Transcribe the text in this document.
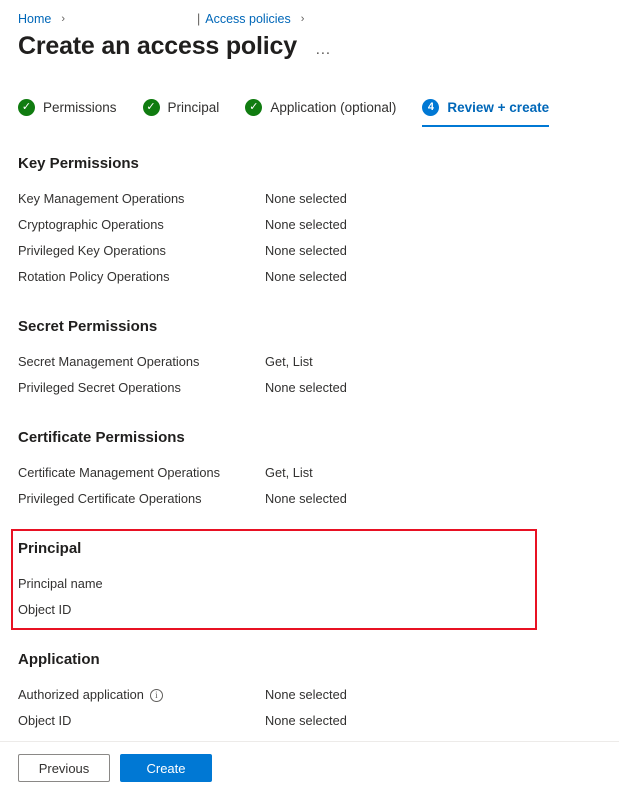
Home ›	| Access policies ›
Create an access policy …
✓ Permissions	✓ Principal	✓ Application (optional)	4 Review + create
Key Permissions
Key Management Operations	None selected
Cryptographic Operations	None selected
Privileged Key Operations	None selected
Rotation Policy Operations	None selected
Secret Permissions
Secret Management Operations	Get, List
Privileged Secret Operations	None selected
Certificate Permissions
Certificate Management Operations	Get, List
Privileged Certificate Operations	None selected
Principal
Principal name
Object ID
Application
Authorized application	i	None selected
Object ID	None selected
Previous	Create
